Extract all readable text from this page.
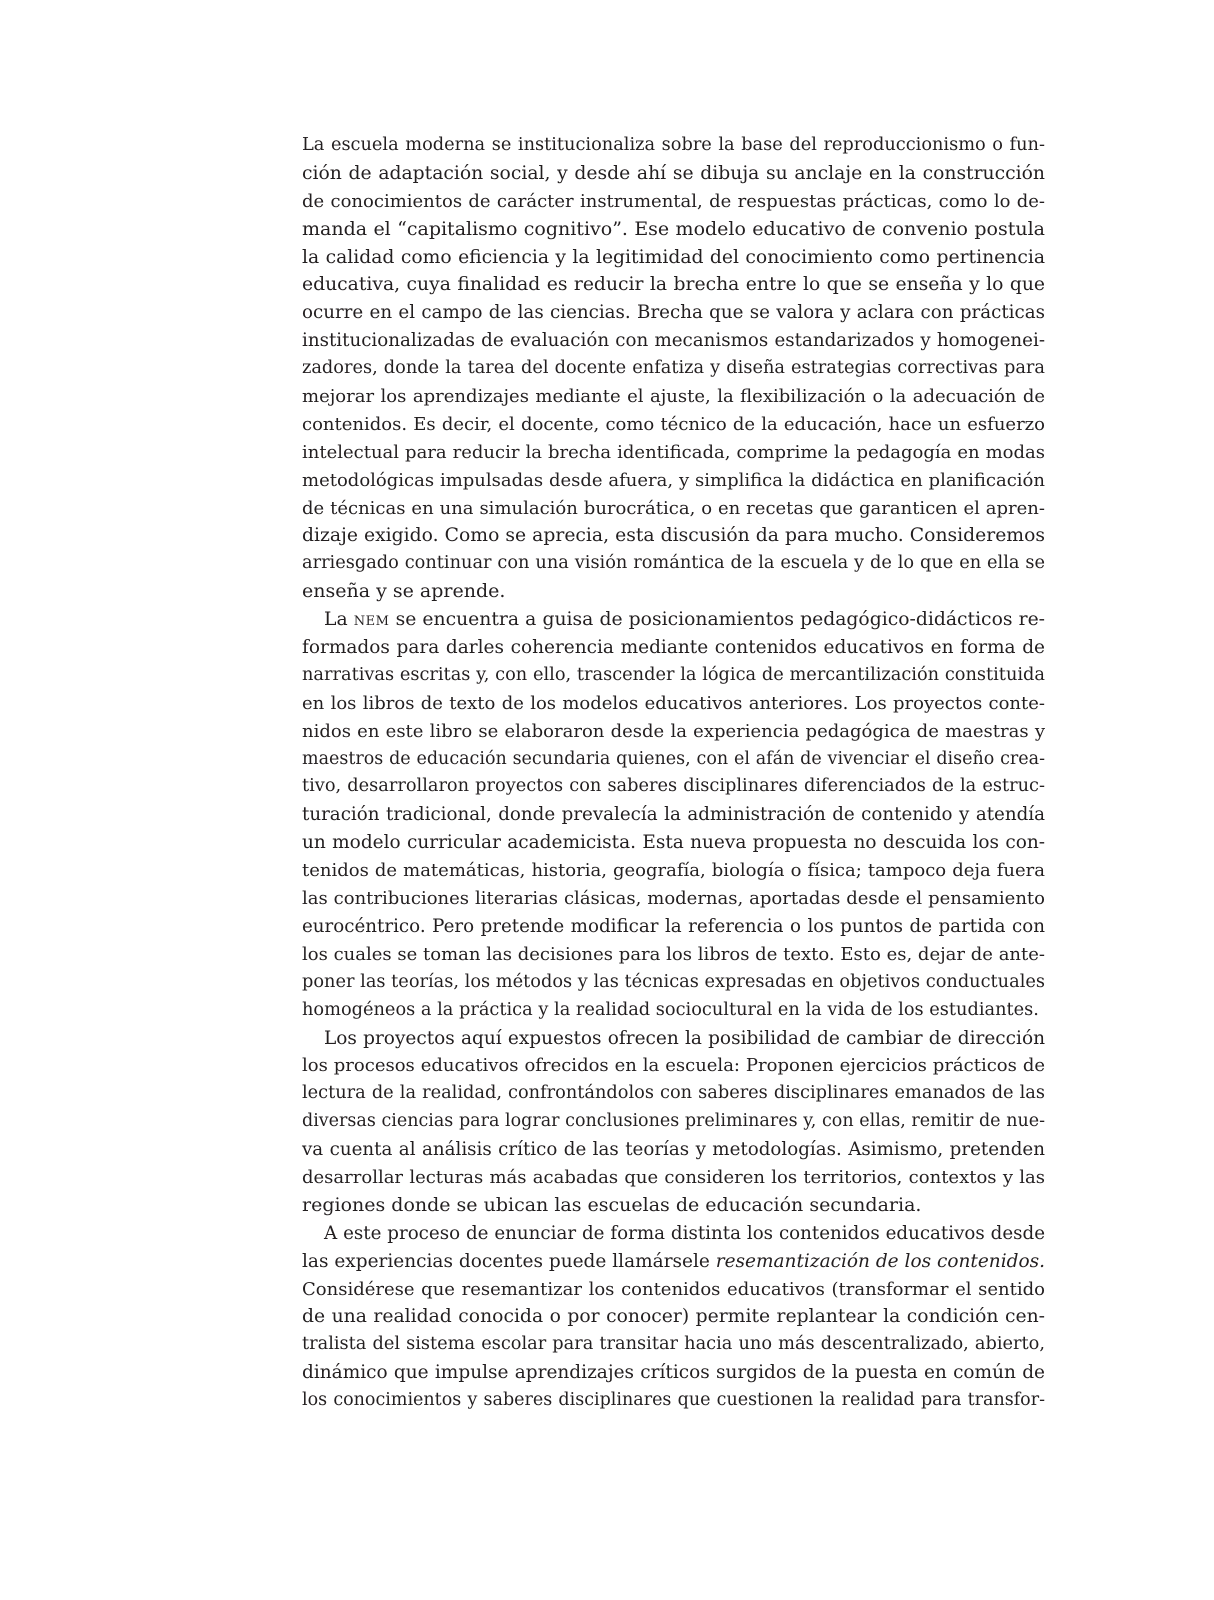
La escuela moderna se institucionaliza sobre la base del reproduccionismo o fun-
ción de adaptación social, y desde ahí se dibuja su anclaje en la construcción
de conocimientos de carácter instrumental, de respuestas prácticas, como lo de-
manda el “capitalismo cognitivo”. Ese modelo educativo de convenio postula
la calidad como eficiencia y la legitimidad del conocimiento como pertinencia
educativa, cuya finalidad es reducir la brecha entre lo que se enseña y lo que
ocurre en el campo de las ciencias. Brecha que se valora y aclara con prácticas
institucionalizadas de evaluación con mecanismos estandarizados y homogenei-
zadores, donde la tarea del docente enfatiza y diseña estrategias correctivas para
mejorar los aprendizajes mediante el ajuste, la flexibilización o la adecuación de
contenidos. Es decir, el docente, como técnico de la educación, hace un esfuerzo
intelectual para reducir la brecha identificada, comprime la pedagogía en modas
metodológicas impulsadas desde afuera, y simplifica la didáctica en planificación
de técnicas en una simulación burocrática, o en recetas que garanticen el apren-
dizaje exigido. Como se aprecia, esta discusión da para mucho. Consideremos
arriesgado continuar con una visión romántica de la escuela y de lo que en ella se
enseña y se aprende.
La nem se encuentra a guisa de posicionamientos pedagógico-didácticos re-
formados para darles coherencia mediante contenidos educativos en forma de
narrativas escritas y, con ello, trascender la lógica de mercantilización constituida
en los libros de texto de los modelos educativos anteriores. Los proyectos conte-
nidos en este libro se elaboraron desde la experiencia pedagógica de maestras y
maestros de educación secundaria quienes, con el afán de vivenciar el diseño crea-
tivo, desarrollaron proyectos con saberes disciplinares diferenciados de la estruc-
turación tradicional, donde prevalecía la administración de contenido y atendía
un modelo curricular academicista. Esta nueva propuesta no descuida los con-
tenidos de matemáticas, historia, geografía, biología o física; tampoco deja fuera
las contribuciones literarias clásicas, modernas, aportadas desde el pensamiento
eurocéntrico. Pero pretende modificar la referencia o los puntos de partida con
los cuales se toman las decisiones para los libros de texto. Esto es, dejar de ante-
poner las teorías, los métodos y las técnicas expresadas en objetivos conductuales
homogéneos a la práctica y la realidad sociocultural en la vida de los estudiantes.
Los proyectos aquí expuestos ofrecen la posibilidad de cambiar de dirección
los procesos educativos ofrecidos en la escuela: Proponen ejercicios prácticos de
lectura de la realidad, confrontándolos con saberes disciplinares emanados de las
diversas ciencias para lograr conclusiones preliminares y, con ellas, remitir de nue-
va cuenta al análisis crítico de las teorías y metodologías. Asimismo, pretenden
desarrollar lecturas más acabadas que consideren los territorios, contextos y las
regiones donde se ubican las escuelas de educación secundaria.
A este proceso de enunciar de forma distinta los contenidos educativos desde
las experiencias docentes puede llamársele resemantización de los contenidos.
Considérese que resemantizar los contenidos educativos (transformar el sentido
de una realidad conocida o por conocer) permite replantear la condición cen-
tralista del sistema escolar para transitar hacia uno más descentralizado, abierto,
dinámico que impulse aprendizajes críticos surgidos de la puesta en común de
los conocimientos y saberes disciplinares que cuestionen la realidad para transfor-
